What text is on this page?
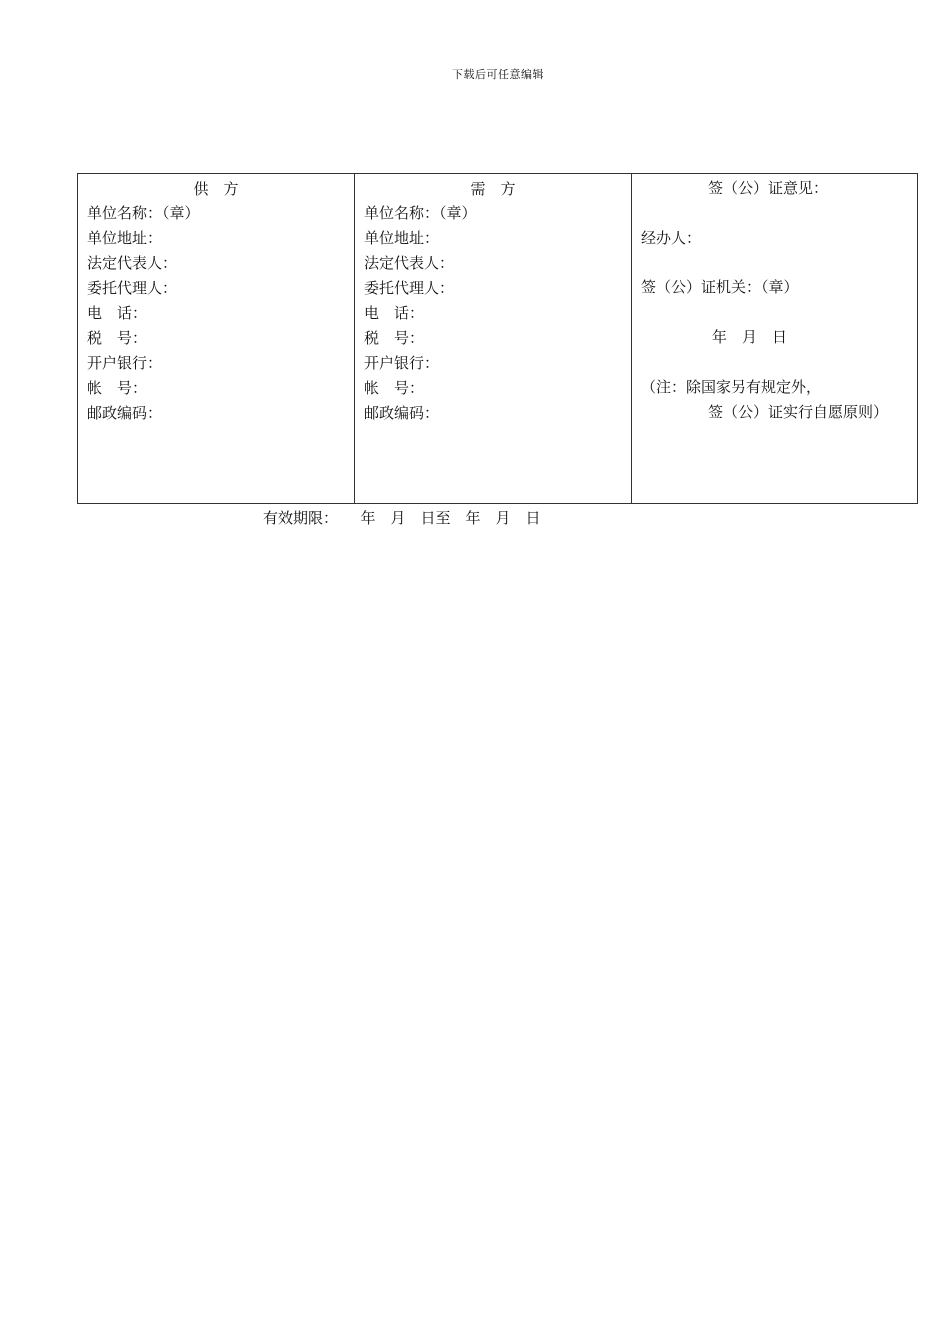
下载后可任意编辑
供　方
单位名称：（章）
单位地址：
法定代表人：
委托代理人：
电　话：
税　号：
开户银行：
帐　号：
邮政编码：
需　方
单位名称：（章）
单位地址：
法定代表人：
委托代理人：
电　话：
税　号：
开户银行：
帐　号：
邮政编码：
签（公）证意见：
经办人：
签（公）证机关：（章）
年　月　日
（注：除国家另有规定外，
签（公）证实行自愿原则）
有效期限：　　年　月　日至　年　月　日
